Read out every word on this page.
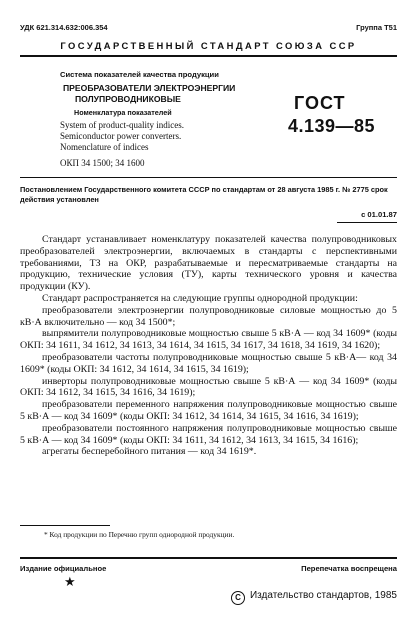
УДК 621.314.632:006.354	Группа Т51
ГОСУДАРСТВЕННЫЙ СТАНДАРТ СОЮЗА ССР
Система показателей качества продукции
ПРЕОБРАЗОВАТЕЛИ ЭЛЕКТРОЭНЕРГИИ
ПОЛУПРОВОДНИКОВЫЕ
Номенклатура показателей
System of product-quality indices.
Semiconductor power converters.
Nomenclature of indices
ОКП 34 1500; 34 1600
ГОСТ
4.139—85
Постановлением Государственного комитета СССР по стандартам от 28 августа 1985 г. № 2775 срок действия установлен
с 01.01.87

Стандарт устанавливает номенклатуру показателей качества полупроводниковых преобразователей электроэнергии, включаемых в стандарты с перспективными требованиями, ТЗ на ОКР, разрабатываемые и пересматриваемые стандарты на продукцию, технические условия (ТУ), карты технического уровня и качества продукции (КУ).

Стандарт распространяется на следующие группы однородной продукции:

преобразователи электроэнергии полупроводниковые силовые мощностью до 5 кВ·А включительно — код 34 1500*;

выпрямители полупроводниковые мощностью свыше 5 кВ·А — код 34 1609* (коды ОКП: 34 1611, 34 1612, 34 1613, 34 1614, 34 1615, 34 1617, 34 1618, 34 1619, 34 1620);

преобразователи частоты полупроводниковые мощностью свыше 5 кВ·А— код 34 1609* (коды ОКП: 34 1612, 34 1614, 34 1615, 34 1619);

инверторы полупроводниковые мощностью свыше 5 кВ·А — код 34 1609* (коды ОКП: 34 1612, 34 1615, 34 1616, 34 1619);

преобразователи переменного напряжения полупроводниковые мощностью свыше 5 кВ·А — код 34 1609* (коды ОКП: 34 1612, 34 1614, 34 1615, 34 1616, 34 1619);

преобразователи постоянного напряжения полупроводниковые мощностью свыше 5 кВ·А — код 34 1609* (коды ОКП: 34 1611, 34 1612, 34 1613, 34 1615, 34 1616);

агрегаты бесперебойного питания — код 34 1619*.

* Код продукции по Перечню групп однородной продукции.
Издание официальное	Перепечатка воспрещена
★
C Издательство стандартов, 1985
